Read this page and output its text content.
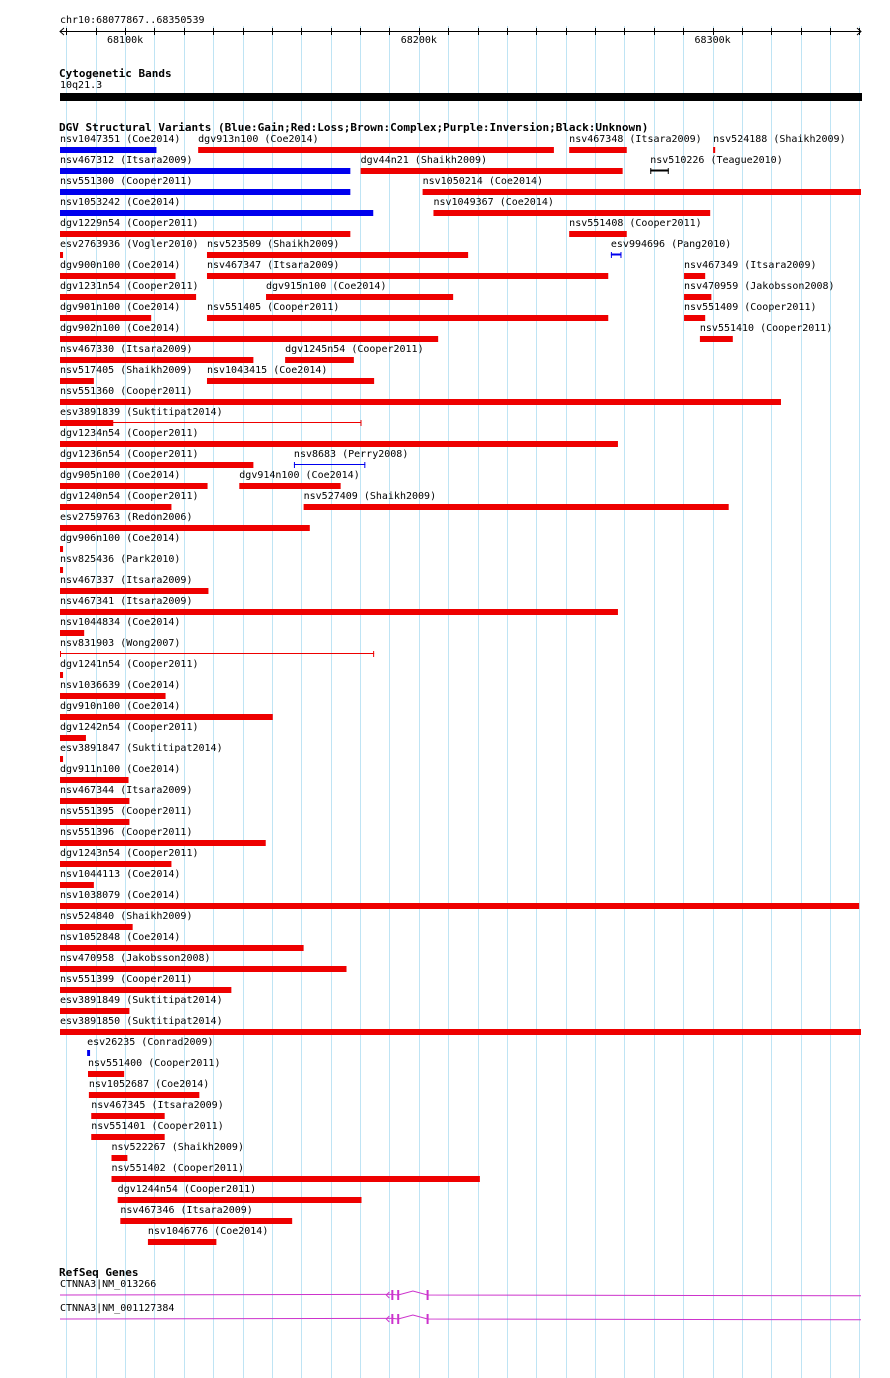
chr10:68077867..68350539
68100k	68200k	68300k
Cytogenetic Bands
10q21.3
DGV Structural Variants (Blue:Gain;Red:Loss;Brown:Complex;Purple:Inversion;Black:Unknown)
nsv1047351 (Coe2014) dgv913n100 (Coe2014)	nsv467348 (Itsara2009) nsv524188 (Shaikh2009)
nsv467312 (Itsara2009)	dgv44n21 (Shaikh2009)	nsv510226 (Teague2010)
nsv551300 (Cooper2011)	nsv1050214 (Coe2014)
nsv1053242 (Coe2014)	nsv1049367 (Coe2014)
dgv1229n54 (Cooper2011)	nsv551408 (Cooper2011)
esv2763936 (Vogler2010) nsv523509 (Shaikh2009)	esv994696 (Pang2010)
dgv900n100 (Coe2014)	nsv467347 (Itsara2009)	nsv467349 (Itsara2009)
dgv1231n54 (Cooper2011)	dgv915n100 (Coe2014)	nsv470959 (Jakobsson2008)
dgv901n100 (Coe2014)	nsv551405 (Cooper2011)	nsv551409 (Cooper2011)
dgv902n100 (Coe2014)	nsv551410 (Cooper2011)
nsv467330 (Itsara2009)	dgv1245n54 (Cooper2011)
nsv517405 (Shaikh2009) nsv1043415 (Coe2014)
nsv551360 (Cooper2011)
esv3891839 (Suktitipat2014)
dgv1234n54 (Cooper2011)
dgv1236n54 (Cooper2011)	nsv8683 (Perry2008)
dgv905n100 (Coe2014)	dgv914n100 (Coe2014)
dgv1240n54 (Cooper2011)	nsv527409 (Shaikh2009)
esv2759763 (Redon2006)
dgv906n100 (Coe2014)
nsv825436 (Park2010)
nsv467337 (Itsara2009)
nsv467341 (Itsara2009)
nsv1044834 (Coe2014)
nsv831903 (Wong2007)
dgv1241n54 (Cooper2011)
nsv1036639 (Coe2014)
dgv910n100 (Coe2014)
dgv1242n54 (Cooper2011)
esv3891847 (Suktitipat2014)
dgv911n100 (Coe2014)
nsv467344 (Itsara2009)
nsv551395 (Cooper2011)
nsv551396 (Cooper2011)
dgv1243n54 (Cooper2011)
nsv1044113 (Coe2014)
nsv1038079 (Coe2014)
nsv524840 (Shaikh2009)
nsv1052848 (Coe2014)
nsv470958 (Jakobsson2008)
nsv551399 (Cooper2011)
esv3891849 (Suktitipat2014)
esv3891850 (Suktitipat2014)
esv26235 (Conrad2009)
nsv551400 (Cooper2011)
nsv1052687 (Coe2014)
nsv467345 (Itsara2009)
nsv551401 (Cooper2011)
nsv522267 (Shaikh2009)
nsv551402 (Cooper2011)
dgv1244n54 (Cooper2011)
nsv467346 (Itsara2009)
nsv1046776 (Coe2014)
RefSeq Genes
CTNNA3|NM_013266
CTNNA3|NM_001127384
